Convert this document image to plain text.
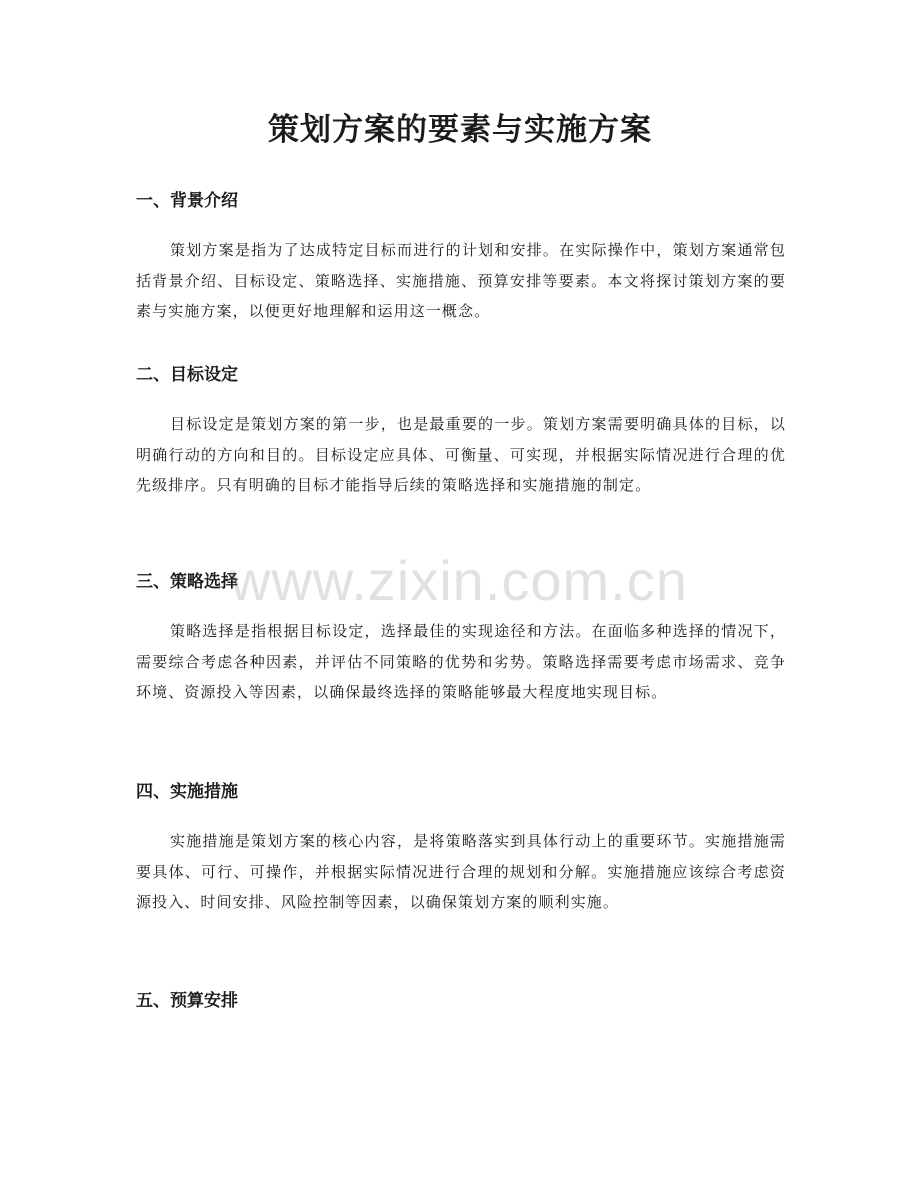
策划方案的要素与实施方案
一、背景介绍

策划方案是指为了达成特定目标而进行的计划和安排。在实际操作中，策划方案通常包括背景介绍、目标设定、策略选择、实施措施、预算安排等要素。本文将探讨策划方案的要素与实施方案，以便更好地理解和运用这一概念。

二、目标设定

目标设定是策划方案的第一步，也是最重要的一步。策划方案需要明确具体的目标，以明确行动的方向和目的。目标设定应具体、可衡量、可实现，并根据实际情况进行合理的优先级排序。只有明确的目标才能指导后续的策略选择和实施措施的制定。

三、策略选择

策略选择是指根据目标设定，选择最佳的实现途径和方法。在面临多种选择的情况下，需要综合考虑各种因素，并评估不同策略的优势和劣势。策略选择需要考虑市场需求、竞争环境、资源投入等因素，以确保最终选择的策略能够最大程度地实现目标。

四、实施措施

实施措施是策划方案的核心内容，是将策略落实到具体行动上的重要环节。实施措施需要具体、可行、可操作，并根据实际情况进行合理的规划和分解。实施措施应该综合考虑资源投入、时间安排、风险控制等因素，以确保策划方案的顺利实施。

五、预算安排
www.zixin.com.cn
